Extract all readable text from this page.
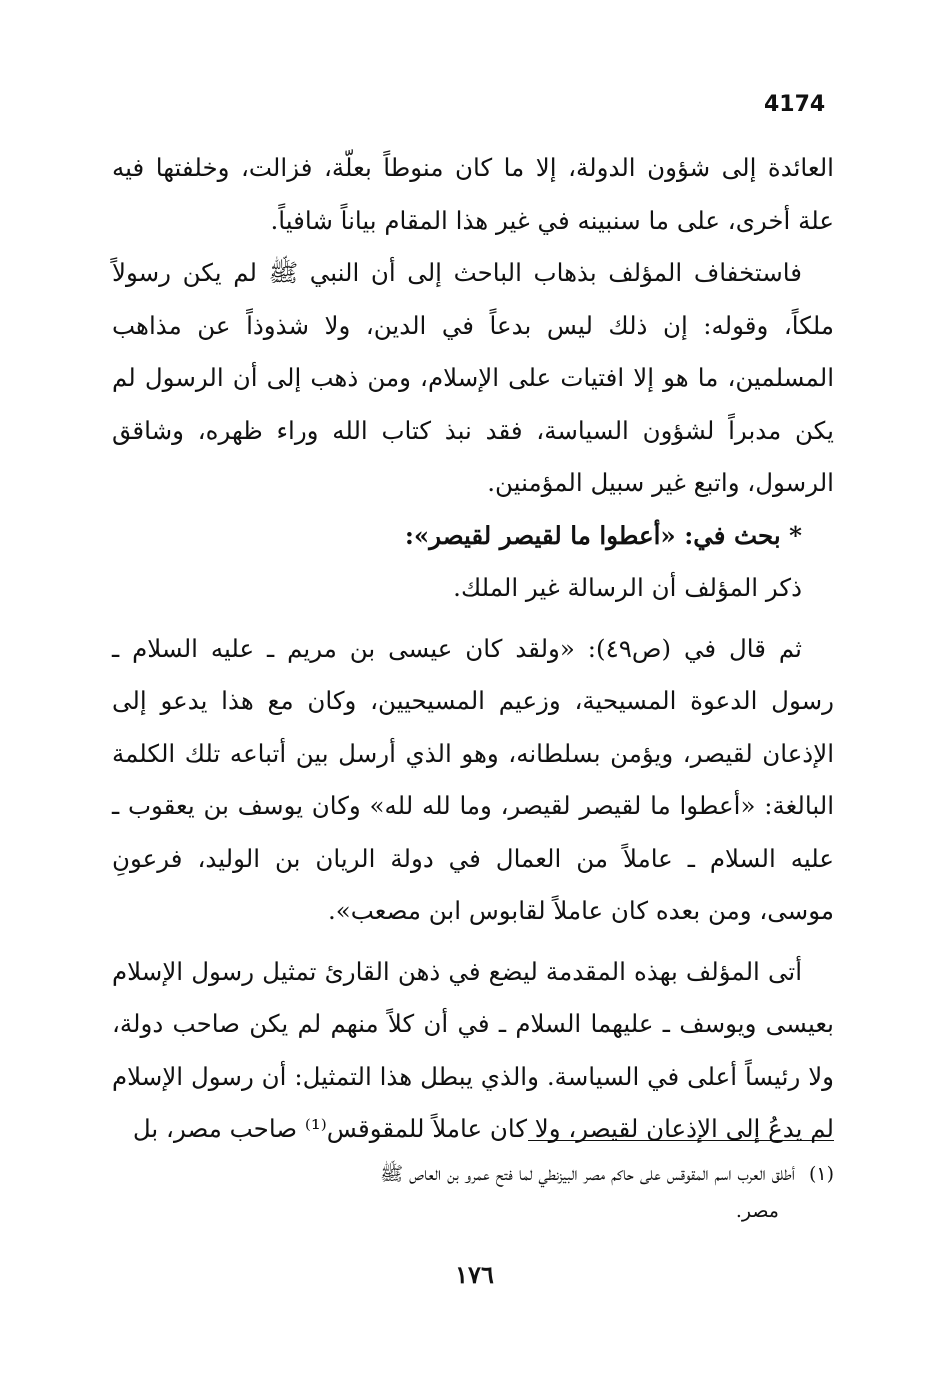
4174

العائدة إلى شؤون الدولة، إلا ما كان منوطاً بعلّة، فزالت، وخلفتها فيه علة أخرى، على ما سنبينه في غير هذا المقام بياناً شافياً.

فاستخفاف المؤلف بذهاب الباحث إلى أن النبي ﷺ لم يكن رسولاً ملكاً، وقوله: إن ذلك ليس بدعاً في الدين، ولا شذوذاً عن مذاهب المسلمين، ما هو إلا افتيات على الإسلام، ومن ذهب إلى أن الرسول لم يكن مدبراً لشؤون السياسة، فقد نبذ كتاب الله وراء ظهره، وشاقق الرسول، واتبع غير سبيل المؤمنين.

* بحث في: «أعطوا ما لقيصر لقيصر»:

ذكر المؤلف أن الرسالة غير الملك.

ثم قال في (ص٤٩): «ولقد كان عيسى بن مريم ـ عليه السلام ـ رسول الدعوة المسيحية، وزعيم المسيحيين، وكان مع هذا يدعو إلى الإذعان لقيصر، ويؤمن بسلطانه، وهو الذي أرسل بين أتباعه تلك الكلمة البالغة: «أعطوا ما لقيصر لقيصر، وما لله لله» وكان يوسف بن يعقوب ـ عليه السلام ـ عاملاً من العمال في دولة الريان بن الوليد، فرعونِ موسى، ومن بعده كان عاملاً لقابوس ابن مصعب».

أتى المؤلف بهذه المقدمة ليضع في ذهن القارئ تمثيل رسول الإسلام بعيسى ويوسف ـ عليهما السلام ـ في أن كلاً منهم لم يكن صاحب دولة، ولا رئيساً أعلى في السياسة. والذي يبطل هذا التمثيل: أن رسول الإسلام لم يدعُ إلى الإذعان لقيصر، ولا كان عاملاً للمقوقس⁽¹⁾ صاحب مصر، بل

(١)أطلق العرب اسم المقوقس على حاكم مصر البيزنطي لما فتح عمرو بن العاص ﷺ
مصر.
١٧٦
